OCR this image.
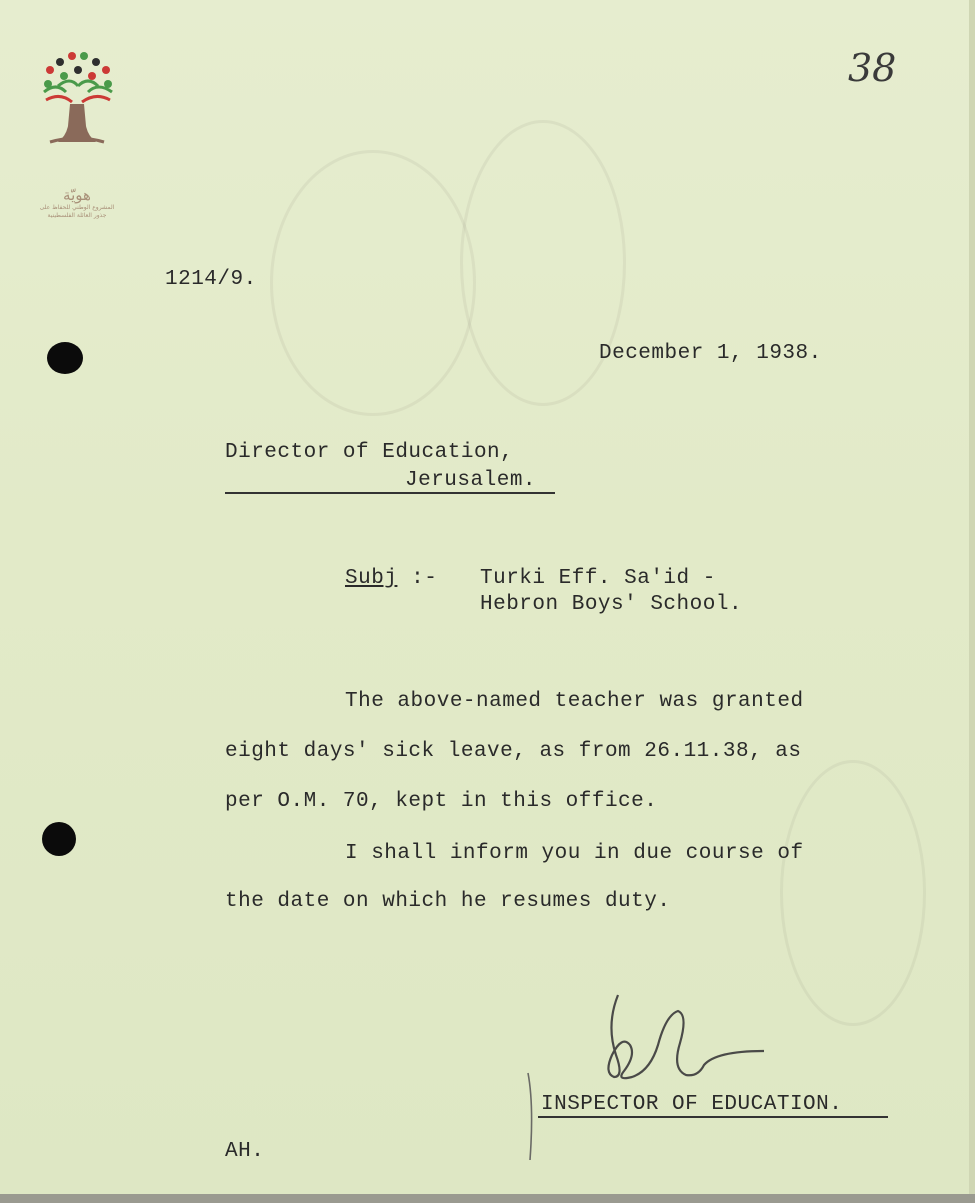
هويّة
المشروع الوطني للحفاظ على جذور العائلة الفلسطينية
38
1214/9.
December 1, 1938.
Director of Education,
Jerusalem.
Subj :- Turki Eff. Sa'id -
Hebron Boys' School.
The above-named teacher was granted
eight days' sick leave, as from 26.11.38, as
per O.M. 70, kept in this office.
I shall inform you in due course of
the date on which he resumes duty.
INSPECTOR OF EDUCATION.
AH.
